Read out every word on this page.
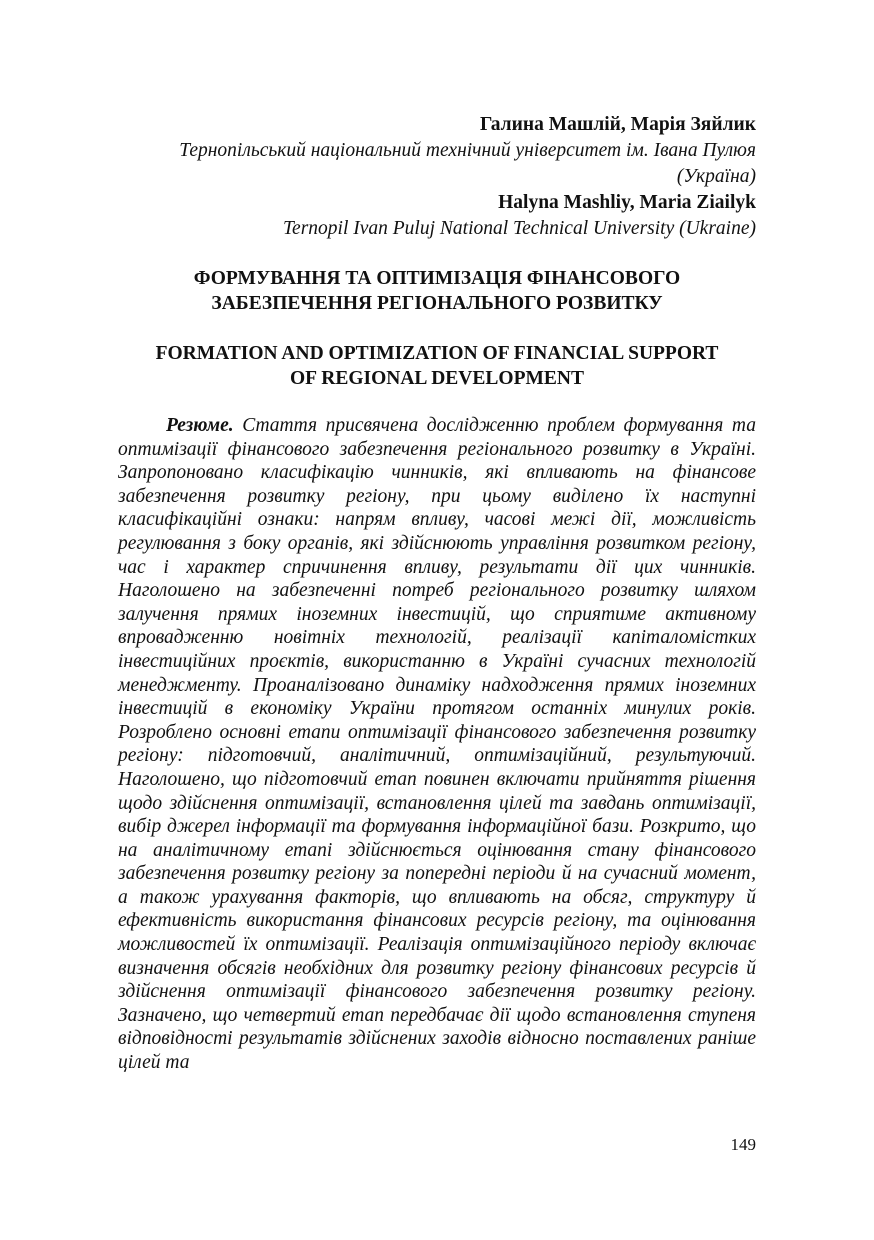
Галина Машлій, Марія Зяйлик
Тернопільський національний технічний університет ім. Івана Пулюя
(Україна)
Halyna Mashliy, Maria Ziailyk
Ternopil Ivan Puluj National Technical University (Ukraine)
ФОРМУВАННЯ ТА ОПТИМІЗАЦІЯ ФІНАНСОВОГО
ЗАБЕЗПЕЧЕННЯ РЕГІОНАЛЬНОГО РОЗВИТКУ
FORMATION AND OPTIMIZATION OF FINANCIAL SUPPORT
OF REGIONAL DEVELOPMENT

Резюме. Стаття присвячена дослідженню проблем формування та оптимізації фінансового забезпечення регіонального розвитку в Україні. Запропоновано класифікацію чинників, які впливають на фінансове забезпечення розвитку регіону, при цьому виділено їх наступні класифікаційні ознаки: напрям впливу, часові межі дії, можливість регулювання з боку органів, які здійснюють управління розвитком регіону, час і характер спричинення впливу, результати дії цих чинників. Наголошено на забезпеченні потреб регіонального розвитку шляхом залучення прямих іноземних інвестицій, що сприятиме активному впровадженню новітніх технологій, реалізації капіталомістких інвестиційних проєктів, використанню в Україні сучасних технологій менеджменту. Проаналізовано динаміку надходження прямих іноземних інвестицій в економіку України протягом останніх минулих років. Розроблено основні етапи оптимізації фінансового забезпечення розвитку регіону: підготовчий, аналітичний, оптимізаційний, результуючий. Наголошено, що підготовчий етап повинен включати прийняття рішення щодо здійснення оптимізації, встановлення цілей та завдань оптимізації, вибір джерел інформації та формування інформаційної бази. Розкрито, що на аналітичному етапі здійснюється оцінювання стану фінансового забезпечення розвитку регіону за попередні періоди й на сучасний момент, а також урахування факторів, що впливають на обсяг, структуру й ефективність використання фінансових ресурсів регіону, та оцінювання можливостей їх оптимізації. Реалізація оптимізаційного періоду включає визначення обсягів необхідних для розвитку регіону фінансових ресурсів й здійснення оптимізації фінансового забезпечення розвитку регіону. Зазначено, що четвертий етап передбачає дії щодо встановлення ступеня відповідності результатів здійснених заходів відносно поставлених раніше цілей та

149
